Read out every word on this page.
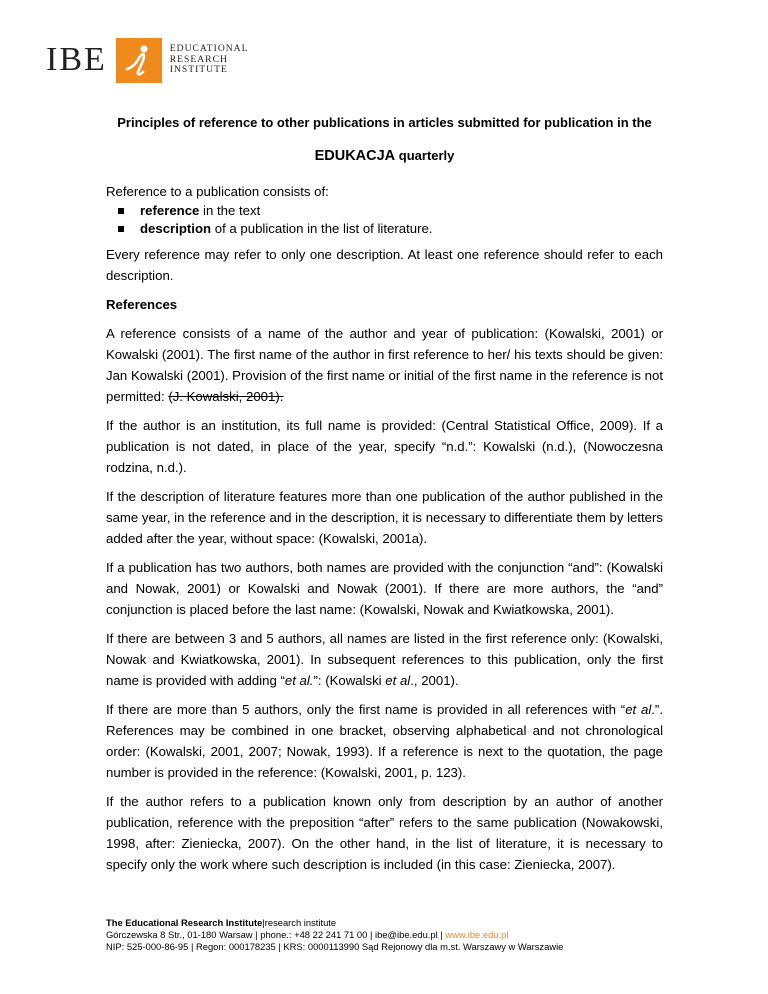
IBE	EDUCATIONAL
RESEARCH
INSTITUTE
Principles of reference to other publications in articles submitted for publication in the
EDUKACJA quarterly

Reference to a publication consists of:

reference in the text
description of a publication in the list of literature.

Every reference may refer to only one description. At least one reference should refer to each description.

References

A reference consists of a name of the author and year of publication: (Kowalski, 2001) or Kowalski (2001). The first name of the author in first reference to her/ his texts should be given: Jan Kowalski (2001). Provision of the first name or initial of the first name in the reference is not permitted: (J. Kowalski, 2001).

If the author is an institution, its full name is provided: (Central Statistical Office, 2009). If a publication is not dated, in place of the year, specify “n.d.”: Kowalski (n.d.), (Nowoczesna rodzina, n.d.).

If the description of literature features more than one publication of the author published in the same year, in the reference and in the description, it is necessary to differentiate them by letters added after the year, without space: (Kowalski, 2001a).

If a publication has two authors, both names are provided with the conjunction “and”: (Kowalski and Nowak, 2001) or Kowalski and Nowak (2001). If there are more authors, the “and” conjunction is placed before the last name: (Kowalski, Nowak and Kwiatkowska, 2001).

If there are between 3 and 5 authors, all names are listed in the first reference only: (Kowalski, Nowak and Kwiatkowska, 2001). In subsequent references to this publication, only the first name is provided with adding “et al.”: (Kowalski et al., 2001).

If there are more than 5 authors, only the first name is provided in all references with “et al.”. References may be combined in one bracket, observing alphabetical and not chronological order: (Kowalski, 2001, 2007; Nowak, 1993). If a reference is next to the quotation, the page number is provided in the reference: (Kowalski, 2001, p. 123).

If the author refers to a publication known only from description by an author of another publication, reference with the preposition “after” refers to the same publication (Nowakowski, 1998, after: Zieniecka, 2007). On the other hand, in the list of literature, it is necessary to specify only the work where such description is included (in this case: Zieniecka, 2007).

The Educational Research Institute|research institute
Górczewska 8 Str., 01-180 Warsaw | phone.: +48 22 241 71 00 | ibe@ibe.edu.pl | www.ibe.edu.pl
NIP: 525-000-86-95 | Regon: 000178235 | KRS: 0000113990 Sąd Rejonowy dla m.st. Warszawy w Warszawie
